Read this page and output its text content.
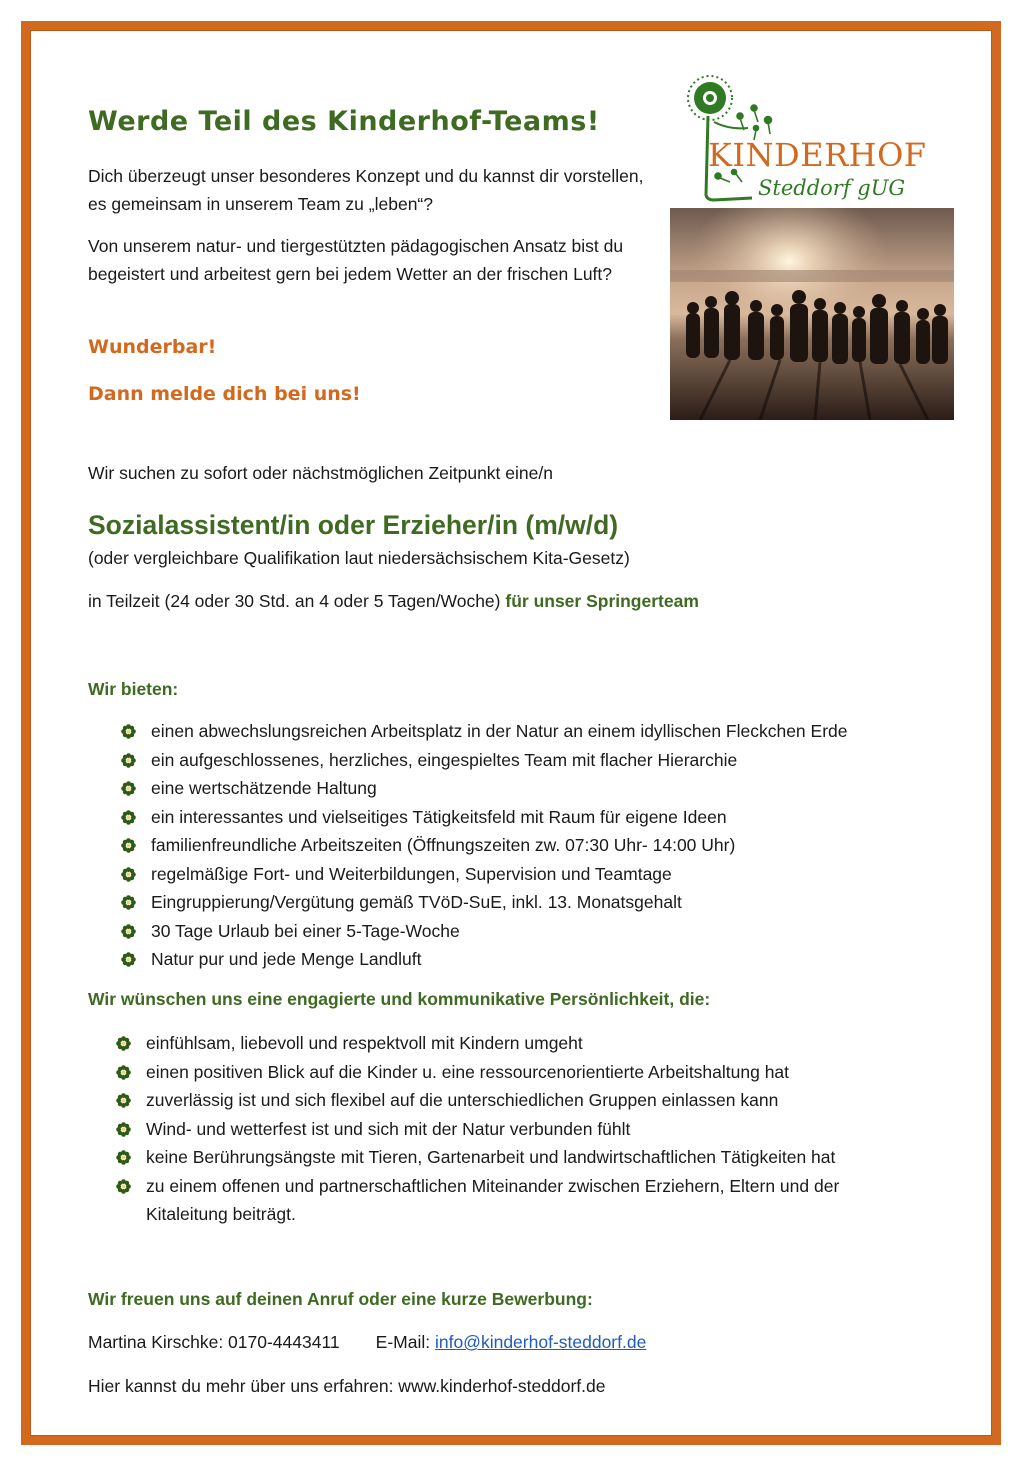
Werde Teil des Kinderhof-Teams!

Dich überzeugt unser besonderes Konzept und du kannst dir vorstellen, es gemeinsam in unserem Team zu „leben“?

Von unserem natur- und tiergestützten pädagogischen Ansatz bist du begeistert und arbeitest gern bei jedem Wetter an der frischen Luft?

Wunderbar!

Dann melde dich bei uns!

KINDERHOF
Steddorf gUG

Wir suchen zu sofort oder nächstmöglichen Zeitpunkt eine/n

Sozialassistent/in oder Erzieher/in (m/w/d)

(oder vergleichbare Qualifikation laut niedersächsischem Kita-Gesetz)

in Teilzeit (24 oder 30 Std. an 4 oder 5 Tagen/Woche) für unser Springerteam

Wir bieten:
einen abwechslungsreichen Arbeitsplatz in der Natur an einem idyllischen Fleckchen Erde
ein aufgeschlossenes, herzliches, eingespieltes Team mit flacher Hierarchie
eine wertschätzende Haltung
ein interessantes und vielseitiges Tätigkeitsfeld mit Raum für eigene Ideen
familienfreundliche Arbeitszeiten (Öffnungszeiten zw. 07:30 Uhr- 14:00 Uhr)
regelmäßige Fort- und Weiterbildungen, Supervision und Teamtage
Eingruppierung/Vergütung gemäß TVöD-SuE, inkl. 13. Monatsgehalt
30 Tage Urlaub bei einer 5-Tage-Woche
Natur pur und jede Menge Landluft
Wir wünschen uns eine engagierte und kommunikative Persönlichkeit, die:
einfühlsam, liebevoll und respektvoll mit Kindern umgeht
einen positiven Blick auf die Kinder u. eine ressourcenorientierte Arbeitshaltung hat
zuverlässig ist und sich flexibel auf die unterschiedlichen Gruppen einlassen kann
Wind- und wetterfest ist und sich mit der Natur verbunden fühlt
keine Berührungsängste mit Tieren, Gartenarbeit und landwirtschaftlichen Tätigkeiten hat
zu einem offenen und partnerschaftlichen Miteinander zwischen Erziehern, Eltern und der Kitaleitung beiträgt.
Wir freuen uns auf deinen Anruf oder eine kurze Bewerbung:

Martina Kirschke: 0170-4443411 E-Mail: info@kinderhof-steddorf.de

Hier kannst du mehr über uns erfahren: www.kinderhof-steddorf.de
